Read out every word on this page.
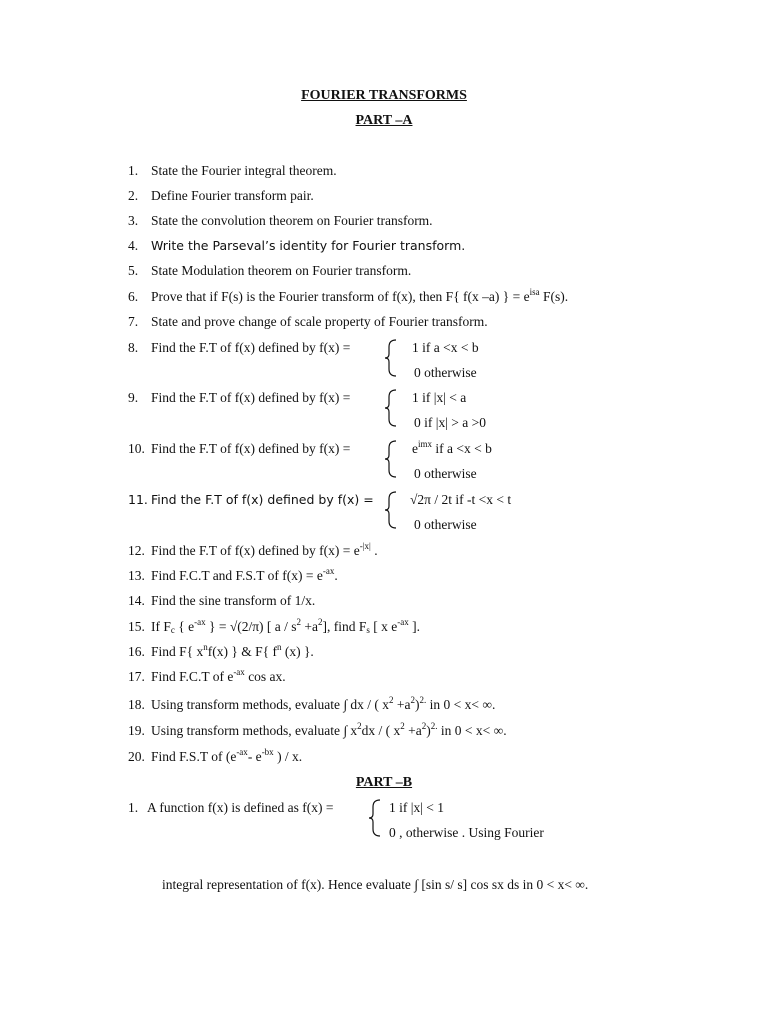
FOURIER TRANSFORMS
PART –A
1. State the Fourier integral theorem.
2. Define Fourier transform pair.
3. State the convolution theorem on Fourier transform.
4. Write the Parseval’s identity for Fourier transform.
5. State Modulation theorem on Fourier transform.
6. Prove that if F(s) is the Fourier transform of f(x), then F{ f(x –a) } = $e^{isa}$ F(s).
7. State and prove change of scale property of Fourier transform.
8. Find the F.T of f(x) defined by f(x) =	1 if a <x < b
0 otherwise
9. Find the F.T of f(x) defined by f(x) =	1 if |x| < a
0 if |x| > a >0
10. Find the F.T of f(x) defined by f(x) =	$e^{imx}$ if a <x < b
0 otherwise
11. Find the F.T of f(x) defined by f(x) =	√2π / 2t if -t <x < t
0 otherwise
12. Find the F.T of f(x) defined by $f(x) = e^{-|x|}$ .
13. Find F.C.T and F.S.T of $f(x) = e^{-ax}$.
14. Find the sine transform of 1/x.
15. If $F_c$ { $e^{-ax}$ } = √(2/π) [ $a / s^2 +a^2$], find $F_s$ [ x $e^{-ax}$ ].
16. Find F{ $x^nf(x)$ } & F{ $f^n$ (x) }.
17. Find F.C.T of $e^{-ax}$ cos ax.
18. Using transform methods, evaluate ∫ dx / ( $x^2 +a^2)^{2.}$ in 0 < x< ∞.
19. Using transform methods, evaluate ∫ $x^2dx$ / ( $x^2 +a^2)^{2.}$ in 0 < x< ∞.
20. Find F.S.T of ($e^{-ax}-$ $e^{-bx}$ ) / x.
PART –B
1. A function f(x) is defined as f(x) =	1 if |x| < 1
0 , otherwise . Using Fourier
integral representation of f(x). Hence evaluate ∫ [sin s/ s] cos sx ds in 0 < x< ∞.
